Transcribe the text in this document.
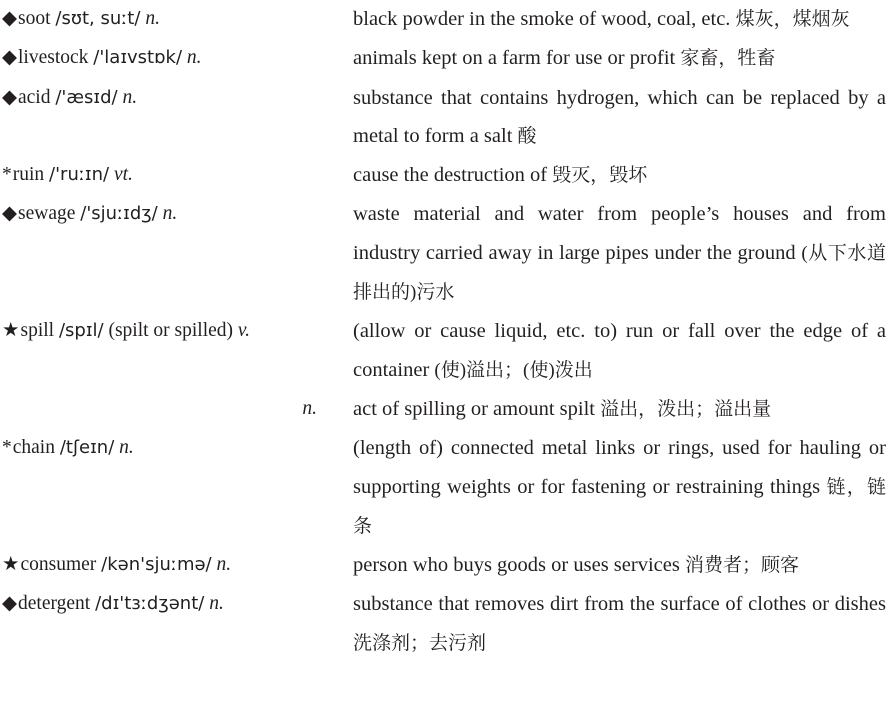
◆soot /sʊt, suːt/ n.	black powder in the smoke of wood, coal, etc. 煤灰，煤烟灰
◆livestock /'laɪvstɒk/ n.	animals kept on a farm for use or profit 家畜，牲畜
◆acid /'æsɪd/ n.	substance that contains hydrogen, which can be replaced by a metal to form a salt 酸
*ruin /'ruːɪn/ vt.	cause the destruction of 毁灭，毁坏
◆sewage /'sjuːɪdʒ/ n.	waste material and water from people’s houses and from industry carried away in large pipes under the ground (从下水道排出的)污水
★spill /spɪl/ (spilt or spilled) v.	(allow or cause liquid, etc. to) run or fall over the edge of a container (使)溢出；(使)泼出
n.	act of spilling or amount spilt 溢出，泼出；溢出量
*chain /tʃeɪn/ n.	(length of) connected metal links or rings, used for hauling or supporting weights or for fastening or restraining things 链，链条
★consumer /kən'sjuːmə/ n.	person who buys goods or uses services 消费者；顾客
◆detergent /dɪ'tɜːdʒənt/ n.	substance that removes dirt from the surface of clothes or dishes 洗涤剂；去污剂
